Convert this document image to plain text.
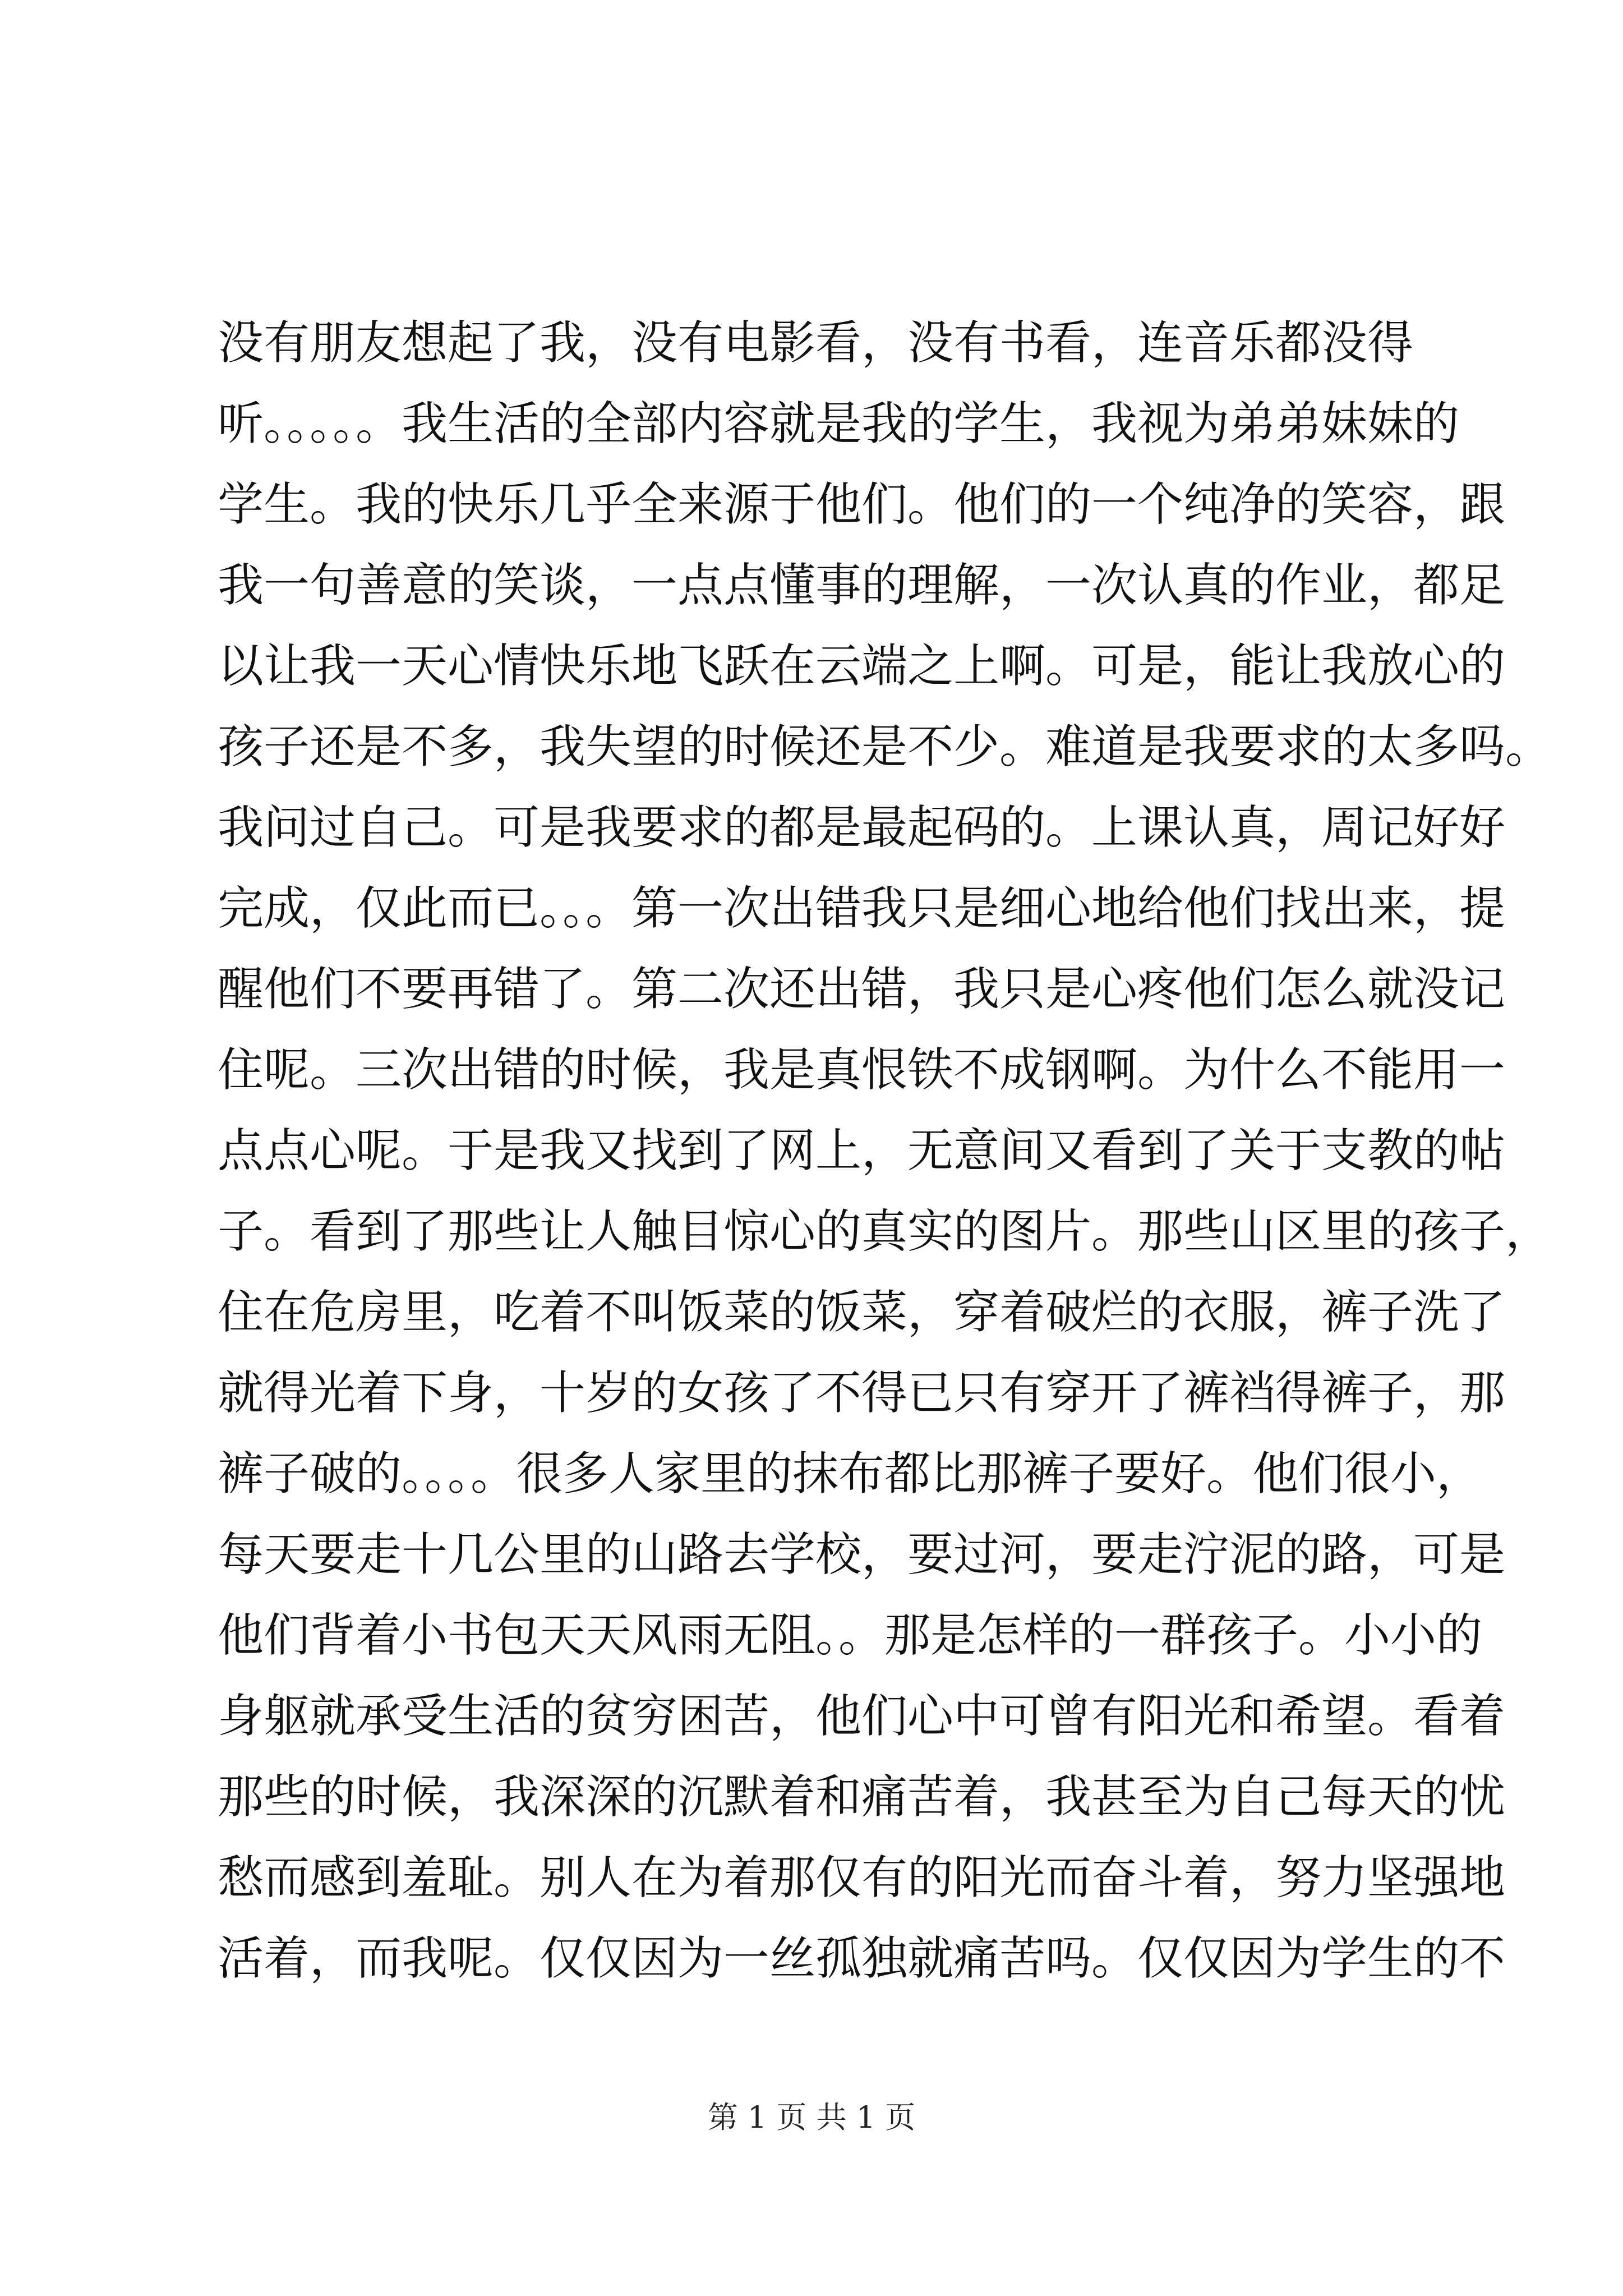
没有朋友想起了我，没有电影看，没有书看，连音乐都没得
听。。。。。我生活的全部内容就是我的学生，我视为弟弟妹妹的
学生。我的快乐几乎全来源于他们。他们的一个纯净的笑容，跟
我一句善意的笑谈，一点点懂事的理解，一次认真的作业，都足
以让我一天心情快乐地飞跃在云端之上啊。可是，能让我放心的
孩子还是不多，我失望的时候还是不少。难道是我要求的太多吗。
我问过自己。可是我要求的都是最起码的。上课认真，周记好好
完成，仅此而已。。。第一次出错我只是细心地给他们找出来，提
醒他们不要再错了。第二次还出错，我只是心疼他们怎么就没记
住呢。三次出错的时候，我是真恨铁不成钢啊。为什么不能用一
点点心呢。于是我又找到了网上，无意间又看到了关于支教的帖
子。看到了那些让人触目惊心的真实的图片。那些山区里的孩子，
住在危房里，吃着不叫饭菜的饭菜，穿着破烂的衣服，裤子洗了
就得光着下身，十岁的女孩了不得已只有穿开了裤裆得裤子，那
裤子破的。。。。很多人家里的抹布都比那裤子要好。他们很小，
每天要走十几公里的山路去学校，要过河，要走泞泥的路，可是
他们背着小书包天天风雨无阻。。那是怎样的一群孩子。小小的
身躯就承受生活的贫穷困苦，他们心中可曾有阳光和希望。看着
那些的时候，我深深的沉默着和痛苦着，我甚至为自己每天的忧
愁而感到羞耻。别人在为着那仅有的阳光而奋斗着，努力坚强地
活着，而我呢。仅仅因为一丝孤独就痛苦吗。仅仅因为学生的不
第 1 页 共 1 页
